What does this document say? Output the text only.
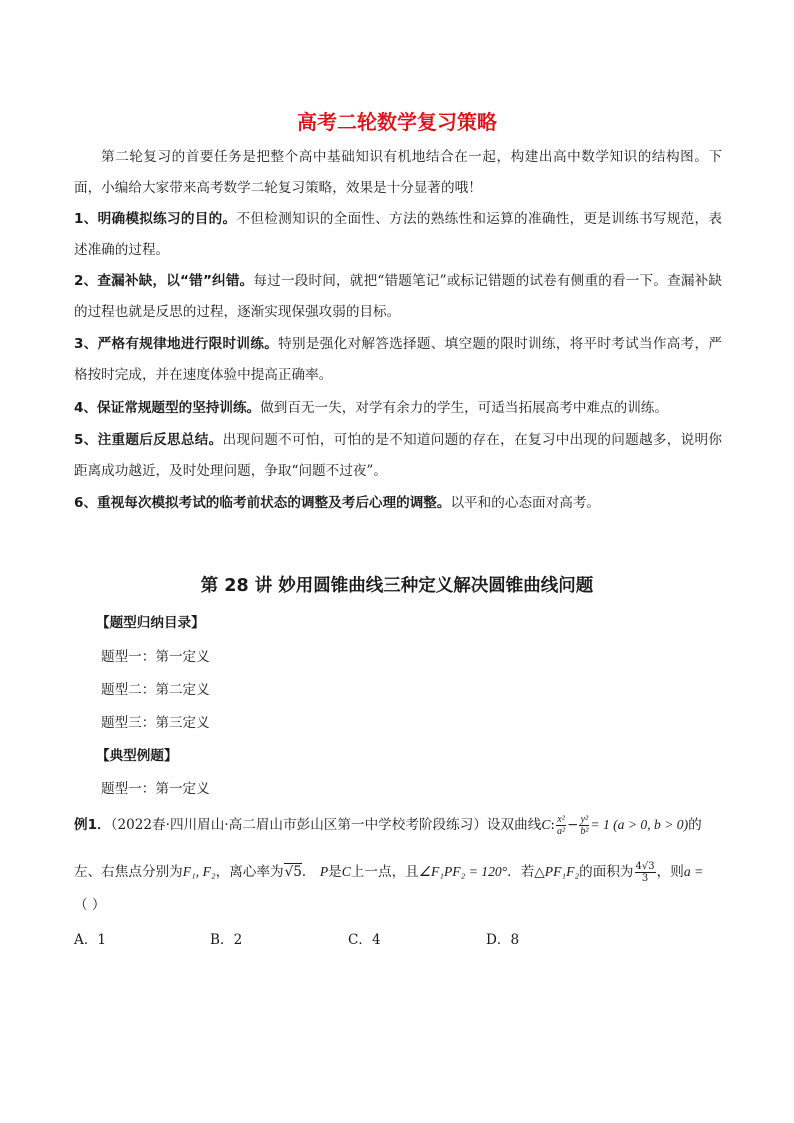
高考二轮数学复习策略
第二轮复习的首要任务是把整个高中基础知识有机地结合在一起，构建出高中数学知识的结构图。下面，小编给大家带来高考数学二轮复习策略，效果是十分显著的哦！
1、明确模拟练习的目的。不但检测知识的全面性、方法的熟练性和运算的准确性，更是训练书写规范，表述准确的过程。
2、查漏补缺，以“错”纠错。每过一段时间，就把“错题笔记”或标记错题的试卷有侧重的看一下。查漏补缺的过程也就是反思的过程，逐渐实现保强攻弱的目标。
3、严格有规律地进行限时训练。特别是强化对解答选择题、填空题的限时训练，将平时考试当作高考，严格按时完成，并在速度体验中提高正确率。
4、保证常规题型的坚持训练。做到百无一失，对学有余力的学生，可适当拓展高考中难点的训练。
5、注重题后反思总结。出现问题不可怕，可怕的是不知道问题的存在，在复习中出现的问题越多，说明你距离成功越近，及时处理问题，争取“问题不过夜”。
6、重视每次模拟考试的临考前状态的调整及考后心理的调整。以平和的心态面对高考。
第 28 讲 妙用圆锥曲线三种定义解决圆锥曲线问题
【题型归纳目录】
题型一：第一定义
题型二：第二定义
题型三：第三定义
【典型例题】
题型一：第一定义
例1．（2022春·四川眉山·高二眉山市彭山区第一中学校考阶段练习）设双曲线C: $\frac{\text{x²}}{\text{a²}} - \frac{\text{y²}}{\text{b²}} = 1$ (a > 0, b > 0)的
左、右焦点分别为F₁, F₂，离心率为√5． P是C上一点，且∠F₁PF₂ = 120°．若△PF₁F₂的面积为 $\frac{4√3}{3}$ ，则a =
（ ）
A．1	B．2	C．4	D．8
